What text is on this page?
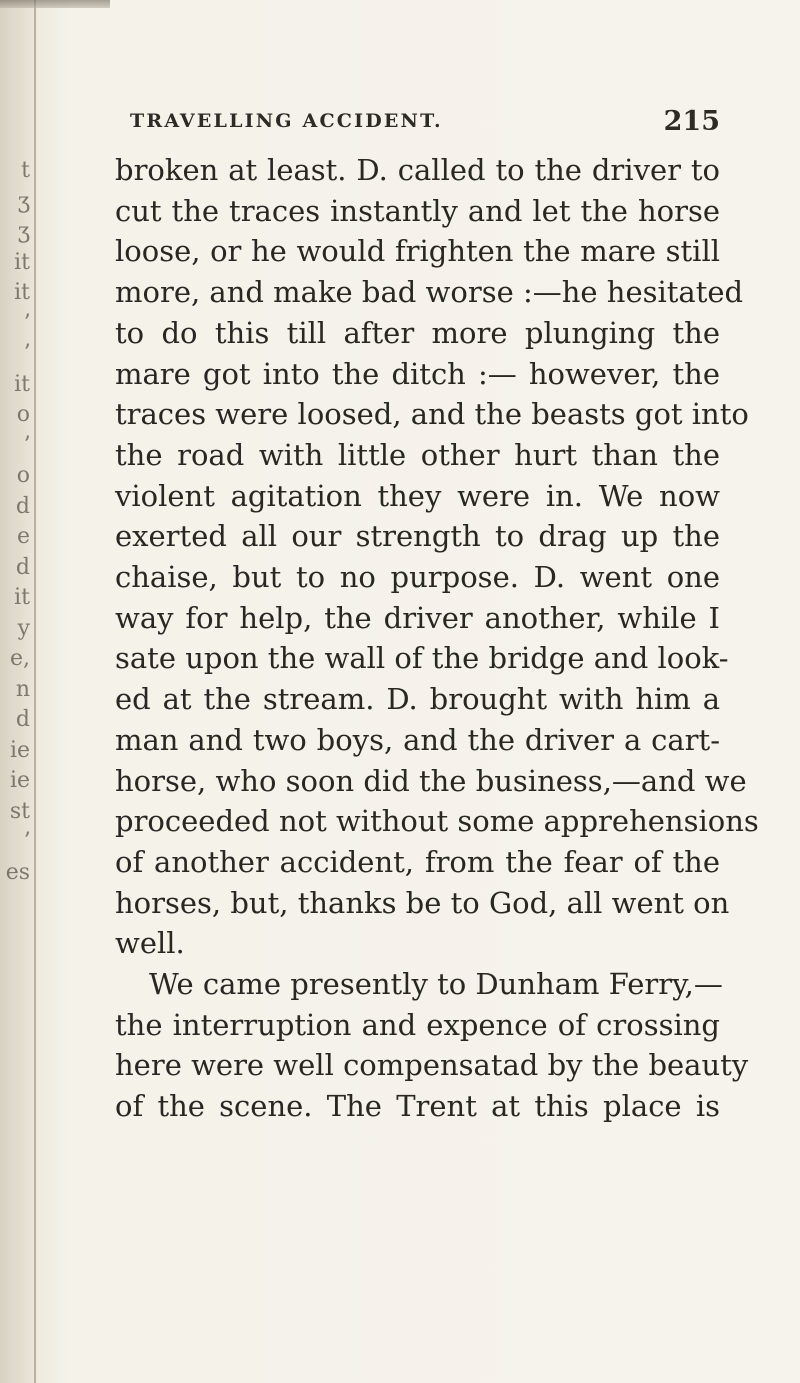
t
ʒ
ʒ
it
it
ʼ
ʼ
it
o
ʼ
o
d
e
d
it
y
e,
n
d
ie
ie
st
ʼ
es
TRAVELLING ACCIDENT.	215
broken at least. D. called to the driver to
cut the traces instantly and let the horse
loose, or he would frighten the mare still
more, and make bad worse :—he hesitated
to do this till after more plunging the
mare got into the ditch :— however, the
traces were loosed, and the beasts got into
the road with little other hurt than the
violent agitation they were in. We now
exerted all our strength to drag up the
chaise, but to no purpose. D. went one
way for help, the driver another, while I
sate upon the wall of the bridge and look-
ed at the stream. D. brought with him a
man and two boys, and the driver a cart-
horse, who soon did the business,—and we
proceeded not without some apprehensions
of another accident, from the fear of the
horses, but, thanks be to God, all went on
well.
We came presently to Dunham Ferry,—
the interruption and expence of crossing
here were well compensatad by the beauty
of the scene. The Trent at this place is
